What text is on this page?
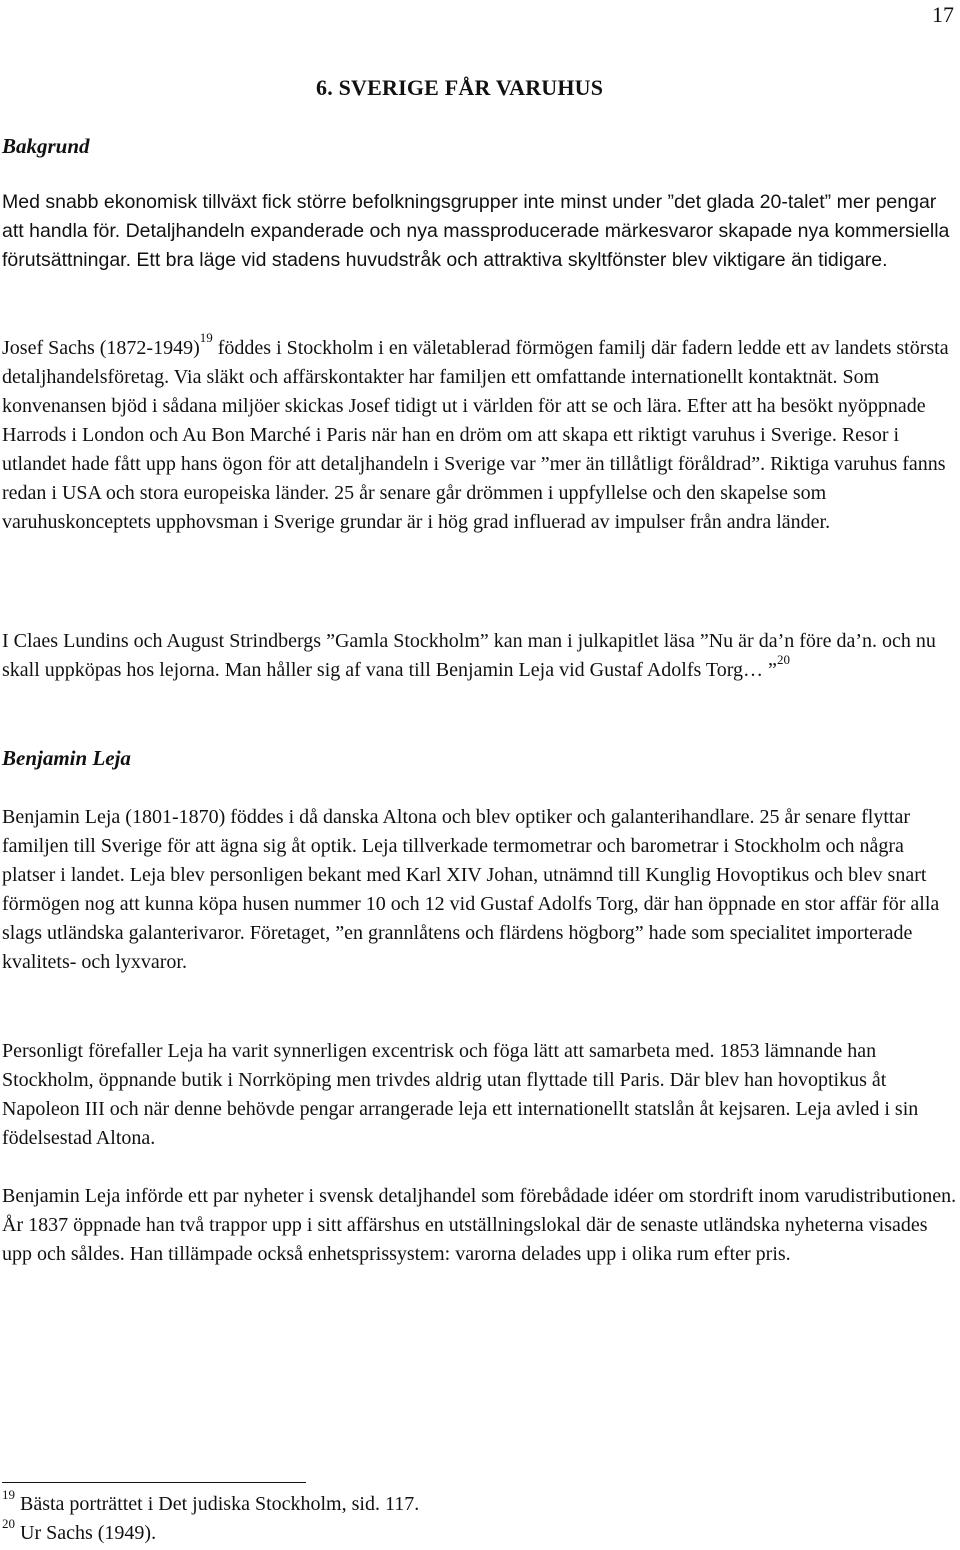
17
6. SVERIGE FÅR VARUHUS
Bakgrund

Med snabb ekonomisk tillväxt fick större befolkningsgrupper inte minst under ”det glada 20-talet” mer pengar att handla för. Detaljhandeln expanderade och nya massproducerade märkesvaror skapade nya kommersiella förutsättningar. Ett bra läge vid stadens huvudstråk och attraktiva skyltfönster blev viktigare än tidigare.

Josef Sachs (1872-1949)$^{19}$ föddes i Stockholm i en väletablerad förmögen familj där fadern ledde ett av landets största detaljhandelsföretag. Via släkt och affärskontakter har familjen ett omfattande internationellt kontaktnät. Som konvenansen bjöd i sådana miljöer skickas Josef tidigt ut i världen för att se och lära. Efter att ha besökt nyöppnade Harrods i London och Au Bon Marché i Paris när han en dröm om att skapa ett riktigt varuhus i Sverige. Resor i utlandet hade fått upp hans ögon för att detaljhandeln i Sverige var ”mer än tillåtligt föråldrad”. Riktiga varuhus fanns redan i USA och stora europeiska länder. 25 år senare går drömmen i uppfyllelse och den skapelse som varuhuskonceptets upphovsman i Sverige grundar är i hög grad influerad av impulser från andra länder.

I Claes Lundins och August Strindbergs ”Gamla Stockholm” kan man i julkapitlet läsa ”Nu är da’n före da’n. och nu skall uppköpas hos lejorna. Man håller sig af vana till Benjamin Leja vid Gustaf Adolfs Torg… ”$^{20}$

Benjamin Leja

Benjamin Leja (1801-1870) föddes i då danska Altona och blev optiker och galanterihandlare. 25 år senare flyttar familjen till Sverige för att ägna sig åt optik. Leja tillverkade termometrar och barometrar i Stockholm och några platser i landet. Leja blev personligen bekant med Karl XIV Johan, utnämnd till Kunglig Hovoptikus och blev snart förmögen nog att kunna köpa husen nummer 10 och 12 vid Gustaf Adolfs Torg, där han öppnade en stor affär för alla slags utländska galanterivaror. Företaget, ”en grannlåtens och flärdens högborg” hade som specialitet importerade kvalitets- och lyxvaror.

Personligt förefaller Leja ha varit synnerligen excentrisk och föga lätt att samarbeta med. 1853 lämnande han Stockholm, öppnande butik i Norrköping men trivdes aldrig utan flyttade till Paris. Där blev han hovoptikus åt Napoleon III och när denne behövde pengar arrangerade leja ett internationellt statslån åt kejsaren. Leja avled i sin födelsestad Altona.

Benjamin Leja införde ett par nyheter i svensk detaljhandel som förebådade idéer om stordrift inom varudistributionen. År 1837 öppnade han två trappor upp i sitt affärshus en utställningslokal där de senaste utländska nyheterna visades upp och såldes. Han tillämpade också enhetsprissystem: varorna delades upp i olika rum efter pris.

$^{19}$ Bästa porträttet i Det judiska Stockholm, sid. 117.
$^{20}$ Ur Sachs (1949).
